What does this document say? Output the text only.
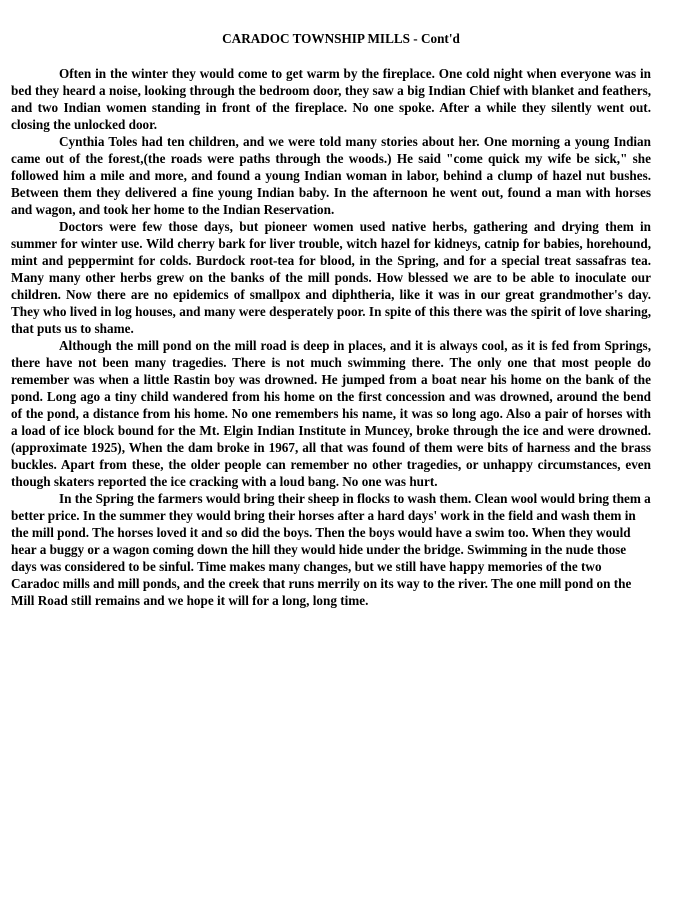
CARADOC TOWNSHIP MILLS - Cont'd

Often in the winter they would come to get warm by the fireplace. One cold night when everyone was in bed they heard a noise, looking through the bedroom door, they saw a big Indian Chief with blanket and feathers, and two Indian women standing in front of the fireplace. No one spoke. After a while they silently went out. closing the unlocked door.

Cynthia Toles had ten children, and we were told many stories about her. One morning a young Indian came out of the forest,(the roads were paths through the woods.) He said "come quick my wife be sick," she followed him a mile and more, and found a young Indian woman in labor, behind a clump of hazel nut bushes. Between them they delivered a fine young Indian baby. In the afternoon he went out, found a man with horses and wagon, and took her home to the Indian Reservation.

Doctors were few those days, but pioneer women used native herbs, gathering and drying them in summer for winter use. Wild cherry bark for liver trouble, witch hazel for kidneys, catnip for babies, horehound, mint and peppermint for colds. Burdock root-tea for blood, in the Spring, and for a special treat sassafras tea. Many many other herbs grew on the banks of the mill ponds. How blessed we are to be able to inoculate our children. Now there are no epidemics of smallpox and diphtheria, like it was in our great grandmother's day. They who lived in log houses, and many were desperately poor. In spite of this there was the spirit of love sharing, that puts us to shame.

Although the mill pond on the mill road is deep in places, and it is always cool, as it is fed from Springs, there have not been many tragedies. There is not much swimming there. The only one that most people do remember was when a little Rastin boy was drowned. He jumped from a boat near his home on the bank of the pond. Long ago a tiny child wandered from his home on the first concession and was drowned, around the bend of the pond, a distance from his home. No one remembers his name, it was so long ago. Also a pair of horses with a load of ice block bound for the Mt. Elgin Indian Institute in Muncey, broke through the ice and were drowned. (approximate 1925), When the dam broke in 1967, all that was found of them were bits of harness and the brass buckles. Apart from these, the older people can remember no other tragedies, or unhappy circumstances, even though skaters reported the ice cracking with a loud bang. No one was hurt.

In the Spring the farmers would bring their sheep in flocks to wash them. Clean wool would bring them a better price. In the summer they would bring their horses after a hard days' work in the field and wash them in the mill pond. The horses loved it and so did the boys. Then the boys would have a swim too. When they would hear a buggy or a wagon coming down the hill they would hide under the bridge. Swimming in the nude those days was considered to be sinful. Time makes many changes, but we still have happy memories of the two Caradoc mills and mill ponds, and the creek that runs merrily on its way to the river. The one mill pond on the Mill Road still remains and we hope it will for a long, long time.
